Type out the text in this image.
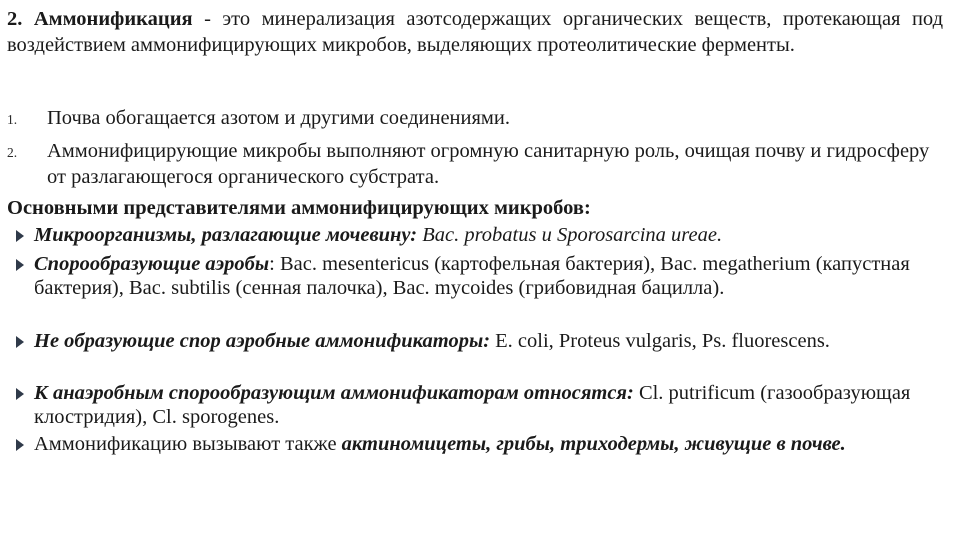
2. Аммонификация - это минерализация азотсодержащих органических веществ, протекающая под воздействием аммонифицирующих микробов, выделяющих протеолитические ферменты.
1. Почва обогащается азотом и другими соединениями.
2. Аммонифицирующие микробы выполняют огромную санитарную роль, очищая почву и гидросферу от разлагающегося органического субстрата.
Основными представителями аммонифицирующих микробов:
Микроорганизмы, разлагающие мочевину: Bac. probatus и Sporosarcina ureae.
Спорообразующие аэробы: Bac. mesentericus (картофельная бактерия), Bac. megatherium (капустная бактерия), Bac. subtilis (сенная палочка), Bac. mycoides (грибовидная бацилла).
Не образующие спор аэробные аммонификаторы: E. coli, Proteus vulgaris, Ps. fluorescens.
К анаэробным спорообразующим аммонификаторам относятся: Cl. putrificum (газообразующая клостридия), Cl. sporogenes.
Аммонификацию вызывают также актиномицеты, грибы, триходермы, живущие в почве.
